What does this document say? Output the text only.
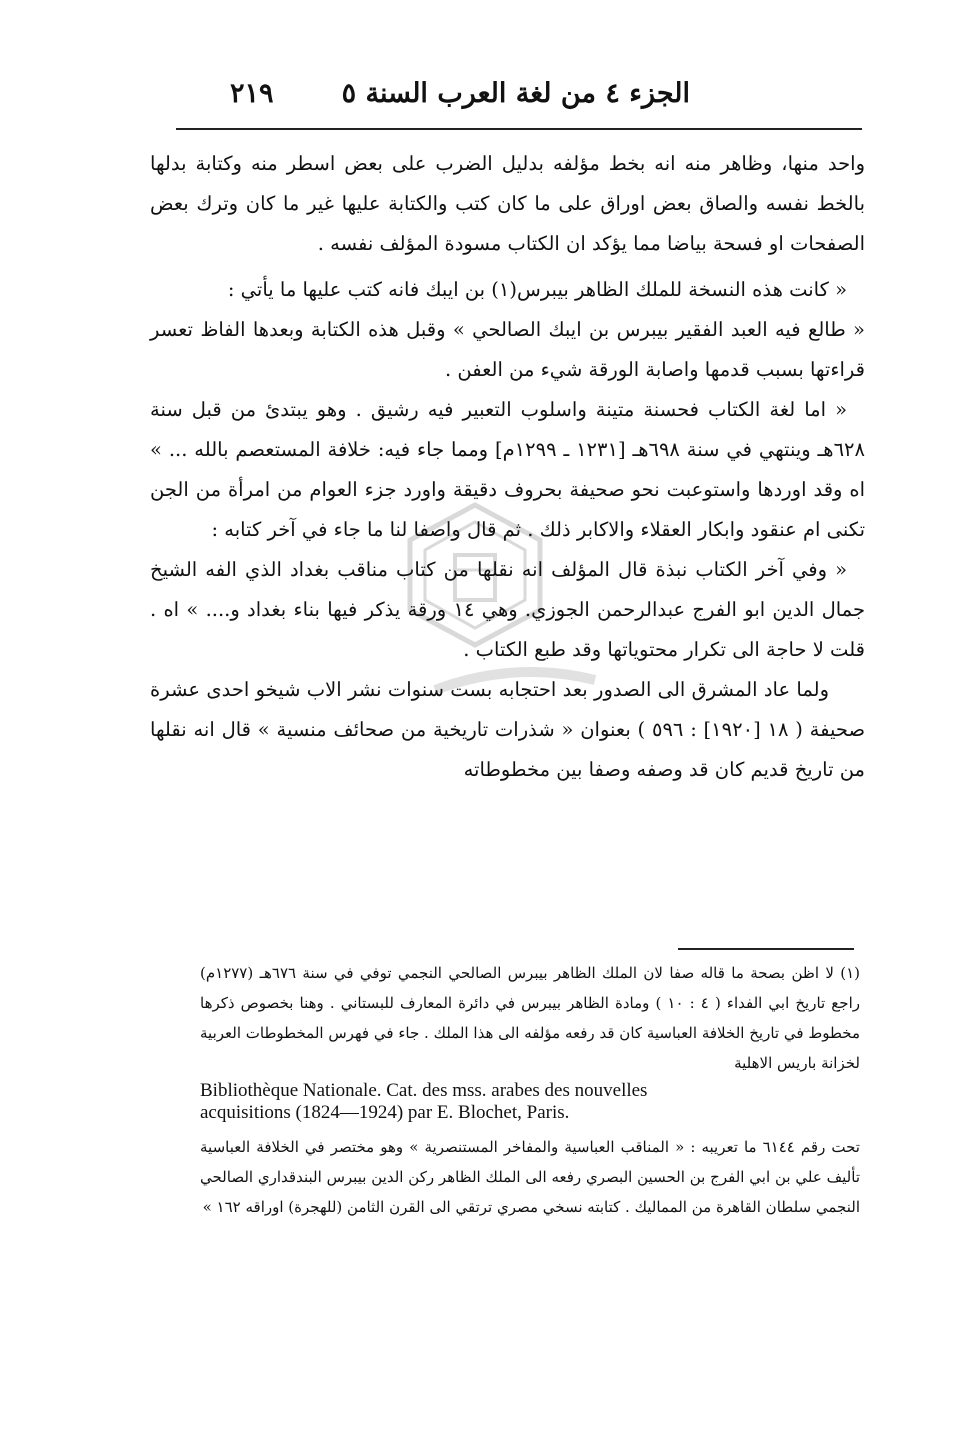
الجزء ٤ من لغة العرب السنة ٥
٢١٩

واحد منها، وظاهر منه انه بخط مؤلفه بدليل الضرب على بعض اسطر منه وكتابة بدلها بالخط نفسه والصاق بعض اوراق على ما كان كتب والكتابة عليها غير ما كان وترك بعض الصفحات او فسحة بياضا مما يؤكد ان الكتاب مسودة المؤلف نفسه .

« كانت هذه النسخة للملك الظاهر بيبرس(١) بن ايبك فانه كتب عليها ما يأتي :

« طالع فيه العبد الفقير بيبرس بن ايبك الصالحي » وقبل هذه الكتابة وبعدها الفاظ تعسر قراءتها بسبب قدمها واصابة الورقة شيء من العفن .

« اما لغة الكتاب فحسنة متينة واسلوب التعبير فيه رشيق . وهو يبتدئ من قبل سنة ٦٢٨هـ وينتهي في سنة ٦٩٨هـ [١٢٣١ ـ ١٢٩٩م] ومما جاء فيه: خلافة المستعصم بالله ... » اه وقد اوردها واستوعبت نحو صحيفة بحروف دقيقة واورد جزء العوام من امرأة من الجن تكنى ام عنقود وابكار العقلاء والاكابر ذلك . ثم قال واصفا لنا ما جاء في آخر كتابه :

« وفي آخر الكتاب نبذة قال المؤلف انه نقلها من كتاب مناقب بغداد الذي الفه الشيخ جمال الدين ابو الفرج عبدالرحمن الجوزي. وهي ١٤ ورقة يذكر فيها بناء بغداد و.... » اه . قلت لا حاجة الى تكرار محتوياتها وقد طبع الكتاب .

ولما عاد المشرق الى الصدور بعد احتجابه بست سنوات نشر الاب شيخو احدى عشرة صحيفة ( ١٨ [١٩٢٠] : ٥٩٦ ) بعنوان « شذرات تاريخية من صحائف منسية » قال انه نقلها من تاريخ قديم كان قد وصفه وصفا بين مخطوطاته

(١) لا اظن بصحة ما قاله صفا لان الملك الظاهر بيبرس الصالحي النجمي توفي في سنة ٦٧٦هـ (١٢٧٧م) راجع تاريخ ابي الفداء ( ٤ : ١٠ ) ومادة الظاهر بيبرس في دائرة المعارف للبستاني . وهنا بخصوص ذكرها مخطوط في تاريخ الخلافة العباسية كان قد رفعه مؤلفه الى هذا الملك . جاء في فهرس المخطوطات العربية لخزانة باريس الاهلية

Bibliothèque Nationale. Cat. des mss. arabes des nouvelles

acquisitions (1824—1924) par E. Blochet, Paris.

تحت رقم ٦١٤٤ ما تعريبه : « المناقب العباسية والمفاخر المستنصرية » وهو مختصر في الخلافة العباسية تأليف علي بن ابي الفرج بن الحسين البصري رفعه الى الملك الظاهر ركن الدين بيبرس البندقداري الصالحي النجمي سلطان القاهرة من المماليك . كتابته نسخي مصري ترتقي الى القرن الثامن (للهجرة) اوراقه ١٦٢ »
